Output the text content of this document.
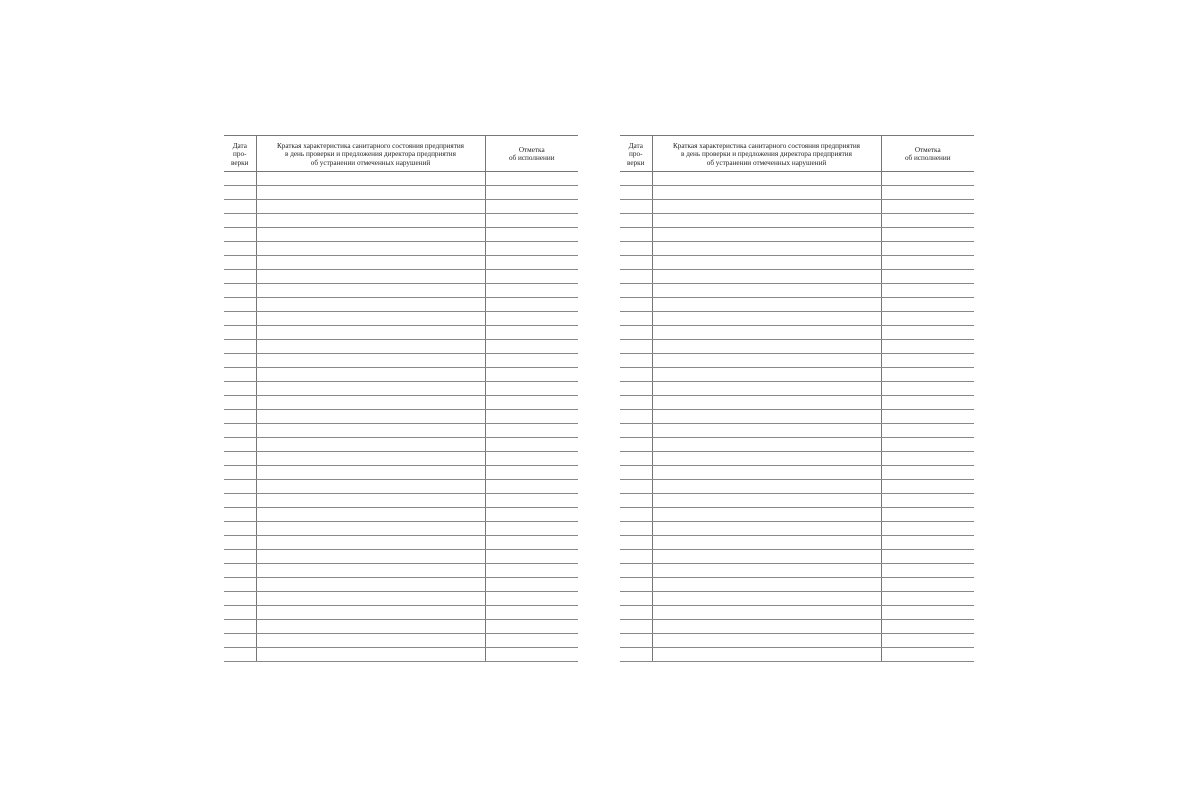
Дата
про-
верки	Краткая характеристика санитарного состояния предприятия
в день проверки и предложения директора предприятия
об устранении отмеченных нарушений	Отметка
об исполнении

Дата
про-
верки	Краткая характеристика санитарного состояния предприятия
в день проверки и предложения директора предприятия
об устранении отмеченных нарушений	Отметка
об исполнении
